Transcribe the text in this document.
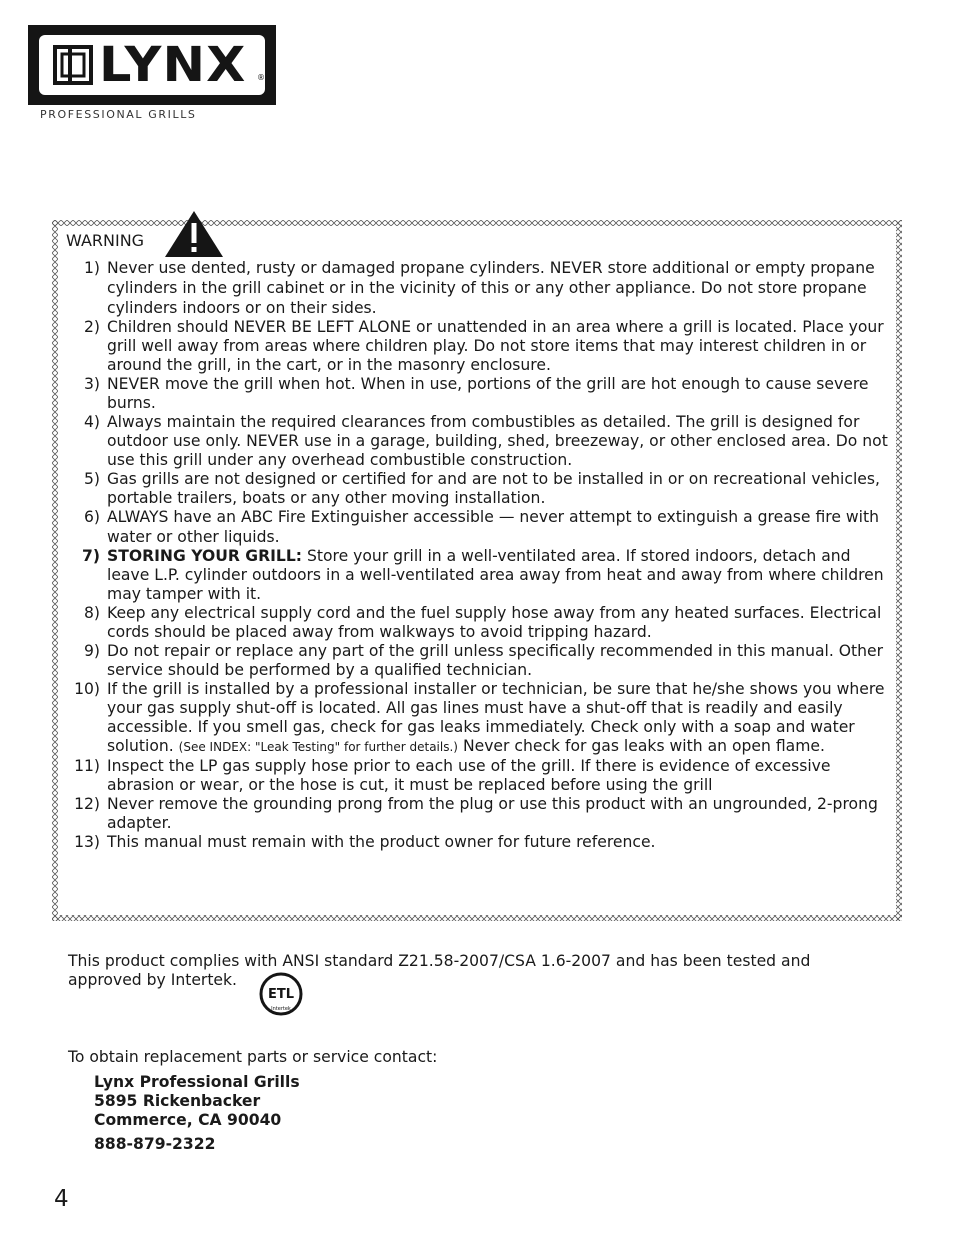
LYNX ®
PROFESSIONAL GRILLS
WARNING
1) Never use dented, rusty or damaged propane cylinders. NEVER store additional or empty propane cylinders in the grill cabinet or in the vicinity of this or any other appliance. Do not store propane cylinders indoors or on their sides.
2) Children should NEVER BE LEFT ALONE or unattended in an area where a grill is located. Place your grill well away from areas where children play. Do not store items that may interest children in or around the grill, in the cart, or in the masonry enclosure.
3) NEVER move the grill when hot. When in use, portions of the grill are hot enough to cause severe burns.
4) Always maintain the required clearances from combustibles as detailed. The grill is designed for outdoor use only. NEVER use in a garage, building, shed, breezeway, or other enclosed area. Do not use this grill under any overhead combustible construction.
5) Gas grills are not designed or certified for and are not to be installed in or on recreational vehicles, portable trailers, boats or any other moving installation.
6) ALWAYS have an ABC Fire Extinguisher accessible — never attempt to extinguish a grease fire with water or other liquids.
7) STORING YOUR GRILL: Store your grill in a well-ventilated area. If stored indoors, detach and leave L.P. cylinder outdoors in a well-ventilated area away from heat and away from where children may tamper with it.
8) Keep any electrical supply cord and the fuel supply hose away from any heated surfaces. Electrical cords should be placed away from walkways to avoid tripping hazard.
9) Do not repair or replace any part of the grill unless specifically recommended in this manual. Other service should be performed by a qualified technician.
10) If the grill is installed by a professional installer or technician, be sure that he/she shows you where your gas supply shut-off is located. All gas lines must have a shut-off that is readily and easily accessible. If you smell gas, check for gas leaks immediately. Check only with a soap and water solution. (See INDEX: "Leak Testing" for further details.) Never check for gas leaks with an open flame.
11) Inspect the LP gas supply hose prior to each use of the grill. If there is evidence of excessive abrasion or wear, or the hose is cut, it must be replaced before using the grill
12) Never remove the grounding prong from the plug or use this product with an ungrounded, 2-prong adapter.
13) This manual must remain with the product owner for future reference.
This product complies with ANSI standard Z21.58-2007/CSA 1.6-2007 and has been tested and approved by Intertek.
ETL
Intertek
To obtain replacement parts or service contact:
Lynx Professional Grills
5895 Rickenbacker
Commerce, CA 90040
888-879-2322
4
